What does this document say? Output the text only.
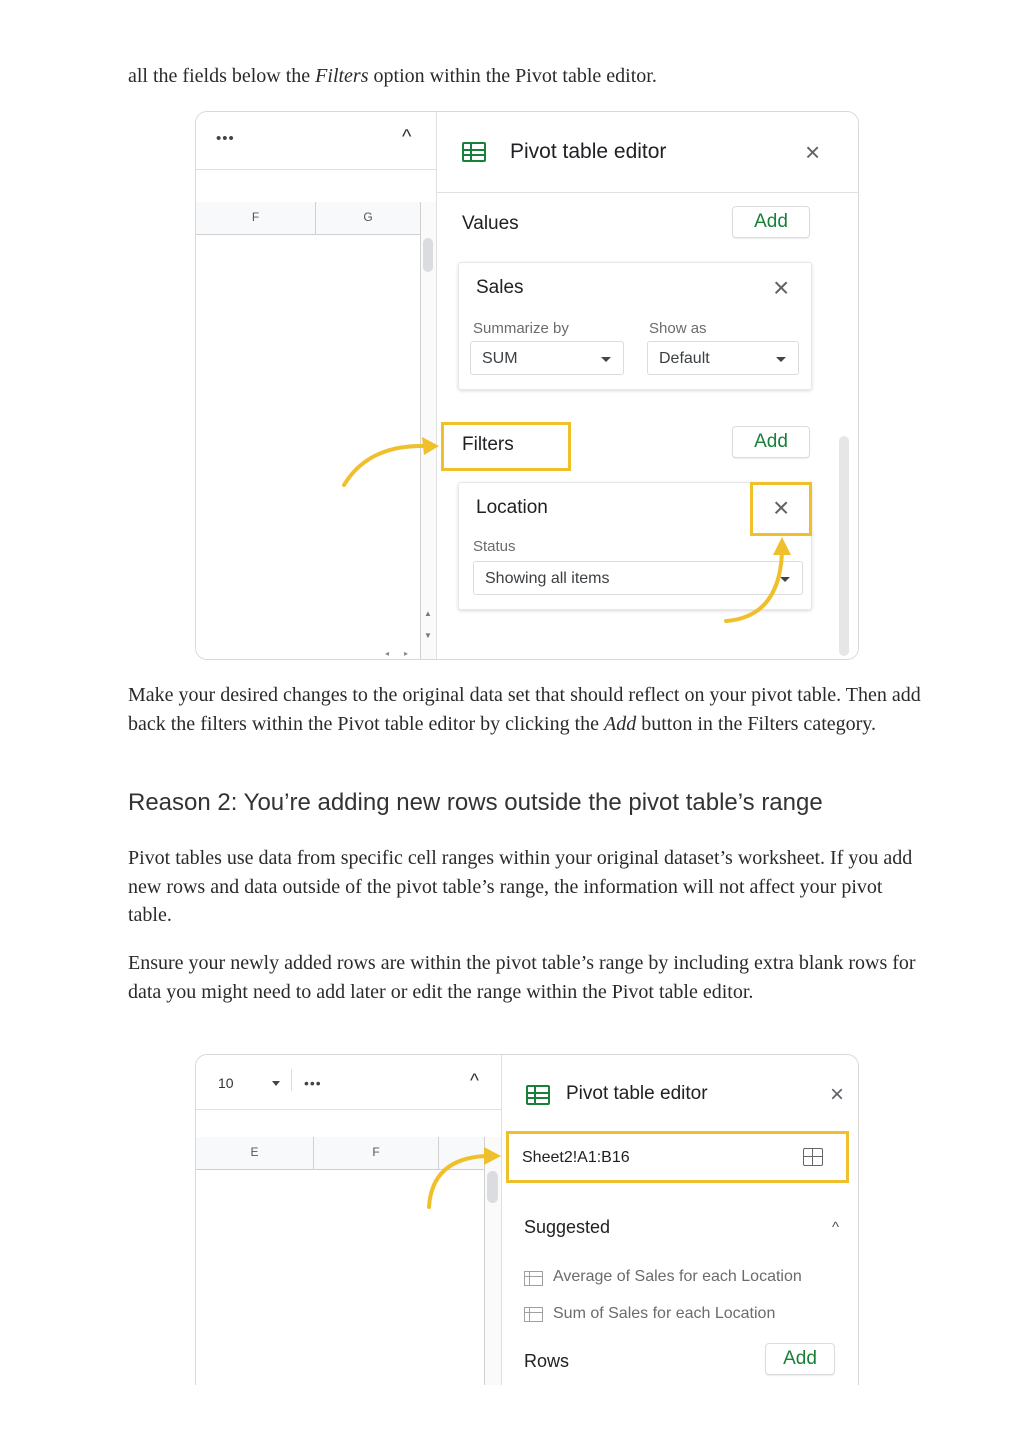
all the fields below the Filters option within the Pivot table editor.

•••	^
F	G
▲
▼
◂ ▸
Pivot table editor	×
Values	Add
Sales	×
Summarize by	Show as
SUM	Default
Filters	Add
Location	×
Status
Showing all items

Make your desired changes to the original data set that should reflect on your pivot table. Then add back the filters within the Pivot table editor by clicking the Add button in the Filters category.

Reason 2: You’re adding new rows outside the pivot table’s range

Pivot tables use data from specific cell ranges within your original dataset’s worksheet. If you add new rows and data outside of the pivot table’s range, the information will not affect your pivot table.

Ensure your newly added rows are within the pivot table’s range by including extra blank rows for data you might need to add later or edit the range within the Pivot table editor.

10	•••	^
E	F
Pivot table editor	×
Sheet2!A1:B16
Suggested	^
Average of Sales for each Location
Sum of Sales for each Location
Rows	Add
